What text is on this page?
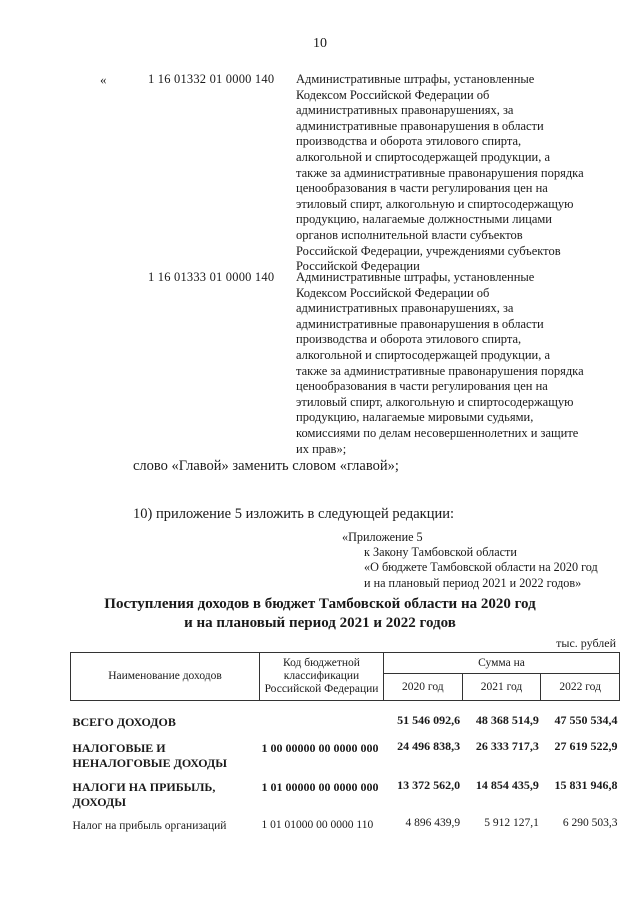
10
«	1 16 01332 01 0000 140 Административные штрафы, установленные
Кодексом Российской Федерации об
административных правонарушениях, за
административные правонарушения в области
производства и оборота этилового спирта,
алкогольной и спиртосодержащей продукции, а
также за административные правонарушения порядка
ценообразования в части регулирования цен на
этиловый спирт, алкогольную и спиртосодержащую
продукцию, налагаемые должностными лицами
органов исполнительной власти субъектов
Российской Федерации, учреждениями субъектов
Российской Федерации
1 16 01333 01 0000 140 Административные штрафы, установленные
Кодексом Российской Федерации об
административных правонарушениях, за
административные правонарушения в области
производства и оборота этилового спирта,
алкогольной и спиртосодержащей продукции, а
также за административные правонарушения порядка
ценообразования в части регулирования цен на
этиловый спирт, алкогольную и спиртосодержащую
продукцию, налагаемые мировыми судьями,
комиссиями по делам несовершеннолетних и защите
их прав»;
слово «Главой» заменить словом «главой»;
10) приложение 5 изложить в следующей редакции:
«Приложение 5
к Закону Тамбовской области
«О бюджете Тамбовской области на 2020 год
и на плановый период 2021 и 2022 годов»
Поступления доходов в бюджет Тамбовской области на 2020 год
и на плановый период 2021 и 2022 годов
тыс. рублей
Наименование доходов	Код бюджетной классификации Российской Федерации	Сумма на		
		2020 год	2021 год	2022 год
ВСЕГО ДОХОДОВ		51 546 092,6	48 368 514,9	47 550 534,4
НАЛОГОВЫЕ И НЕНАЛОГОВЫЕ ДОХОДЫ	1 00 00000 00 0000 000	24 496 838,3	26 333 717,3	27 619 522,9
НАЛОГИ НА ПРИБЫЛЬ, ДОХОДЫ	1 01 00000 00 0000 000	13 372 562,0	14 854 435,9	15 831 946,8
Налог на прибыль организаций	1 01 01000 00 0000 110	4 896 439,9	5 912 127,1	6 290 503,3
